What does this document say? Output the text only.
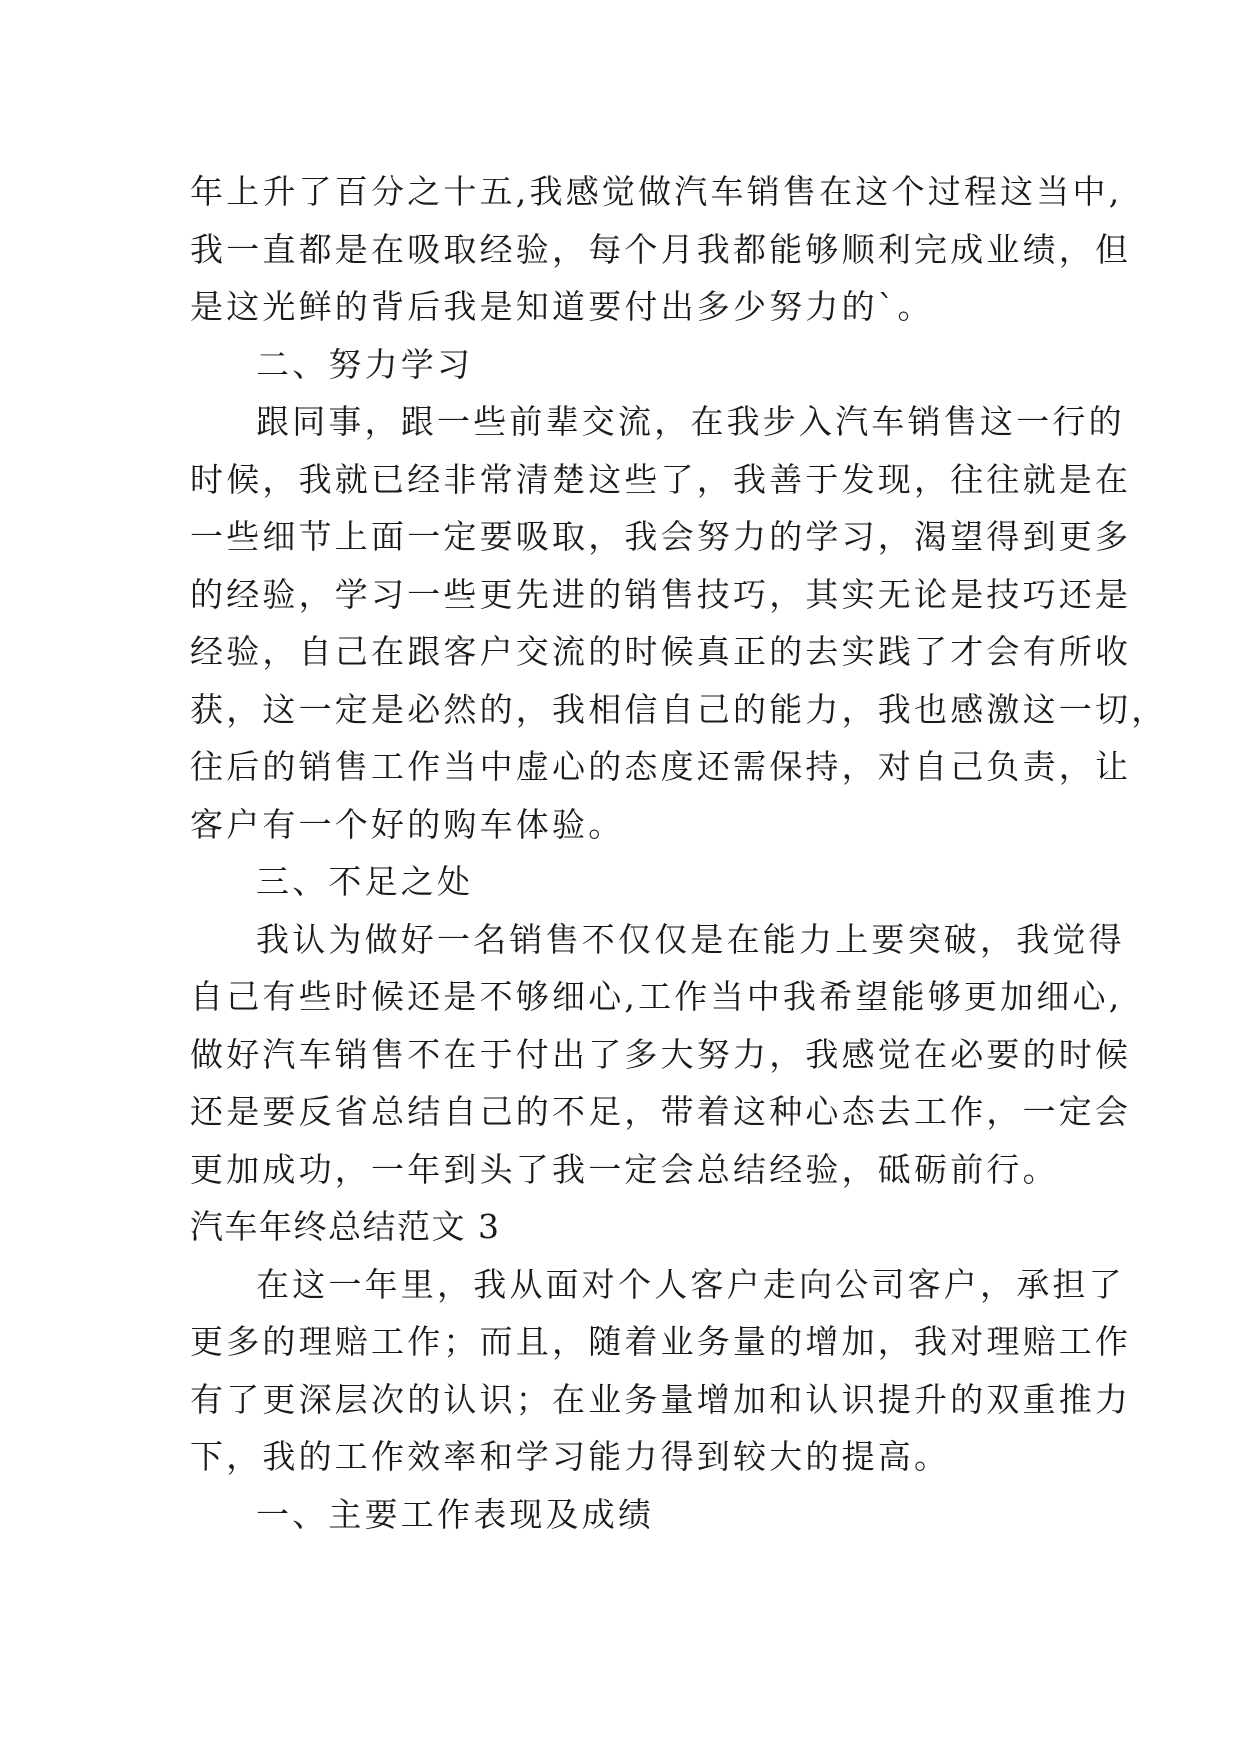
年上升了百分之十五,我感觉做汽车销售在这个过程这当中,
我一直都是在吸取经验，每个月我都能够顺利完成业绩，但
是这光鲜的背后我是知道要付出多少努力的`。
二、努力学习
跟同事，跟一些前辈交流，在我步入汽车销售这一行的
时候，我就已经非常清楚这些了，我善于发现，往往就是在
一些细节上面一定要吸取，我会努力的学习，渴望得到更多
的经验，学习一些更先进的销售技巧，其实无论是技巧还是
经验，自己在跟客户交流的时候真正的去实践了才会有所收
获，这一定是必然的，我相信自己的能力，我也感激这一切，
往后的销售工作当中虚心的态度还需保持，对自己负责，让
客户有一个好的购车体验。
三、不足之处
我认为做好一名销售不仅仅是在能力上要突破，我觉得
自己有些时候还是不够细心,工作当中我希望能够更加细心,
做好汽车销售不在于付出了多大努力，我感觉在必要的时候
还是要反省总结自己的不足，带着这种心态去工作，一定会
更加成功，一年到头了我一定会总结经验，砥砺前行。
汽车年终总结范文 3
在这一年里，我从面对个人客户走向公司客户，承担了
更多的理赔工作；而且，随着业务量的增加，我对理赔工作
有了更深层次的认识；在业务量增加和认识提升的双重推力
下，我的工作效率和学习能力得到较大的提高。
一、主要工作表现及成绩
